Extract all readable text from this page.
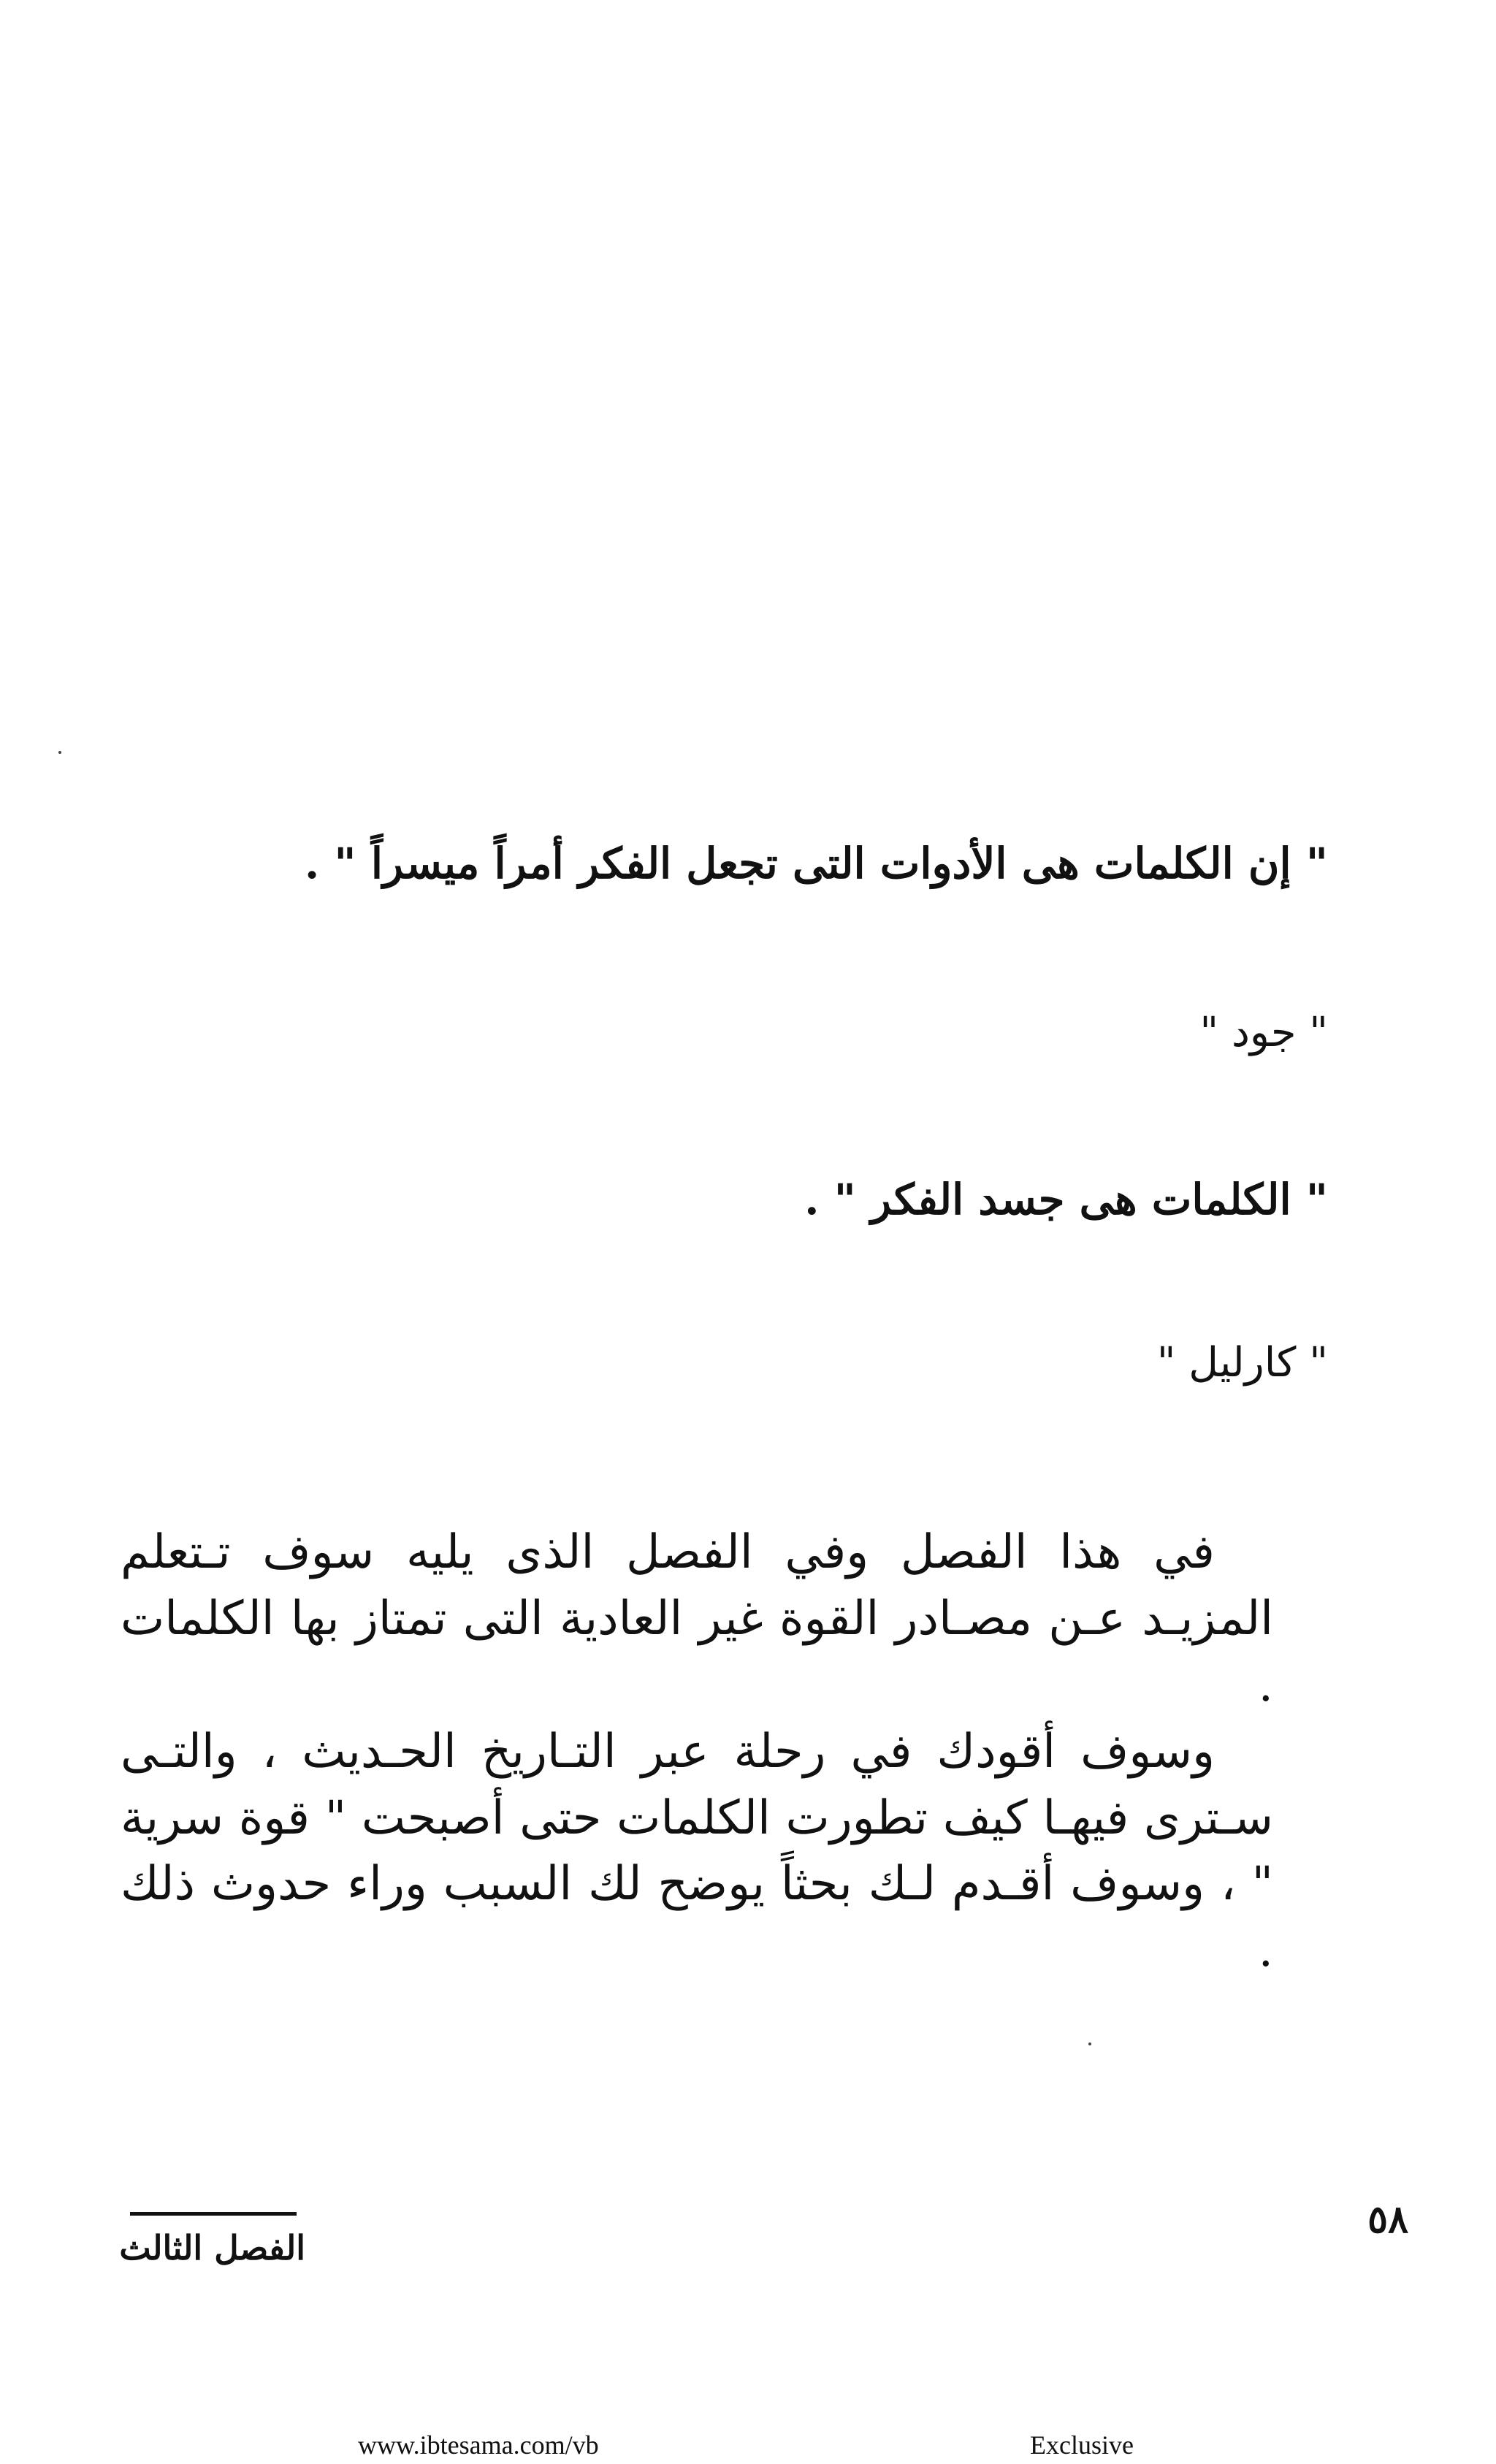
" إن الكلمات هى الأدوات التى تجعل الفكر أمراً ميسراً " .
" جود "
" الكلمات هى جسد الفكر " .
" كارليل "

في هذا الفصل وفي الفصل الذى يليه سوف تـتعلم المزيـد عـن مصـادر القوة غير العادية التى تمتاز بها الكلمات .

وسوف أقودك في رحلة عبر التـاريخ الحـديث ، والتـى سـترى فيهـا كيف تطورت الكلمات حتى أصبحت " قوة سرية " ، وسوف أقـدم لـك بحثاً يوضح لك السبب وراء حدوث ذلك .

الفصل الثالث
٥٨
www.ibtesama.com/vb	Exclusive
